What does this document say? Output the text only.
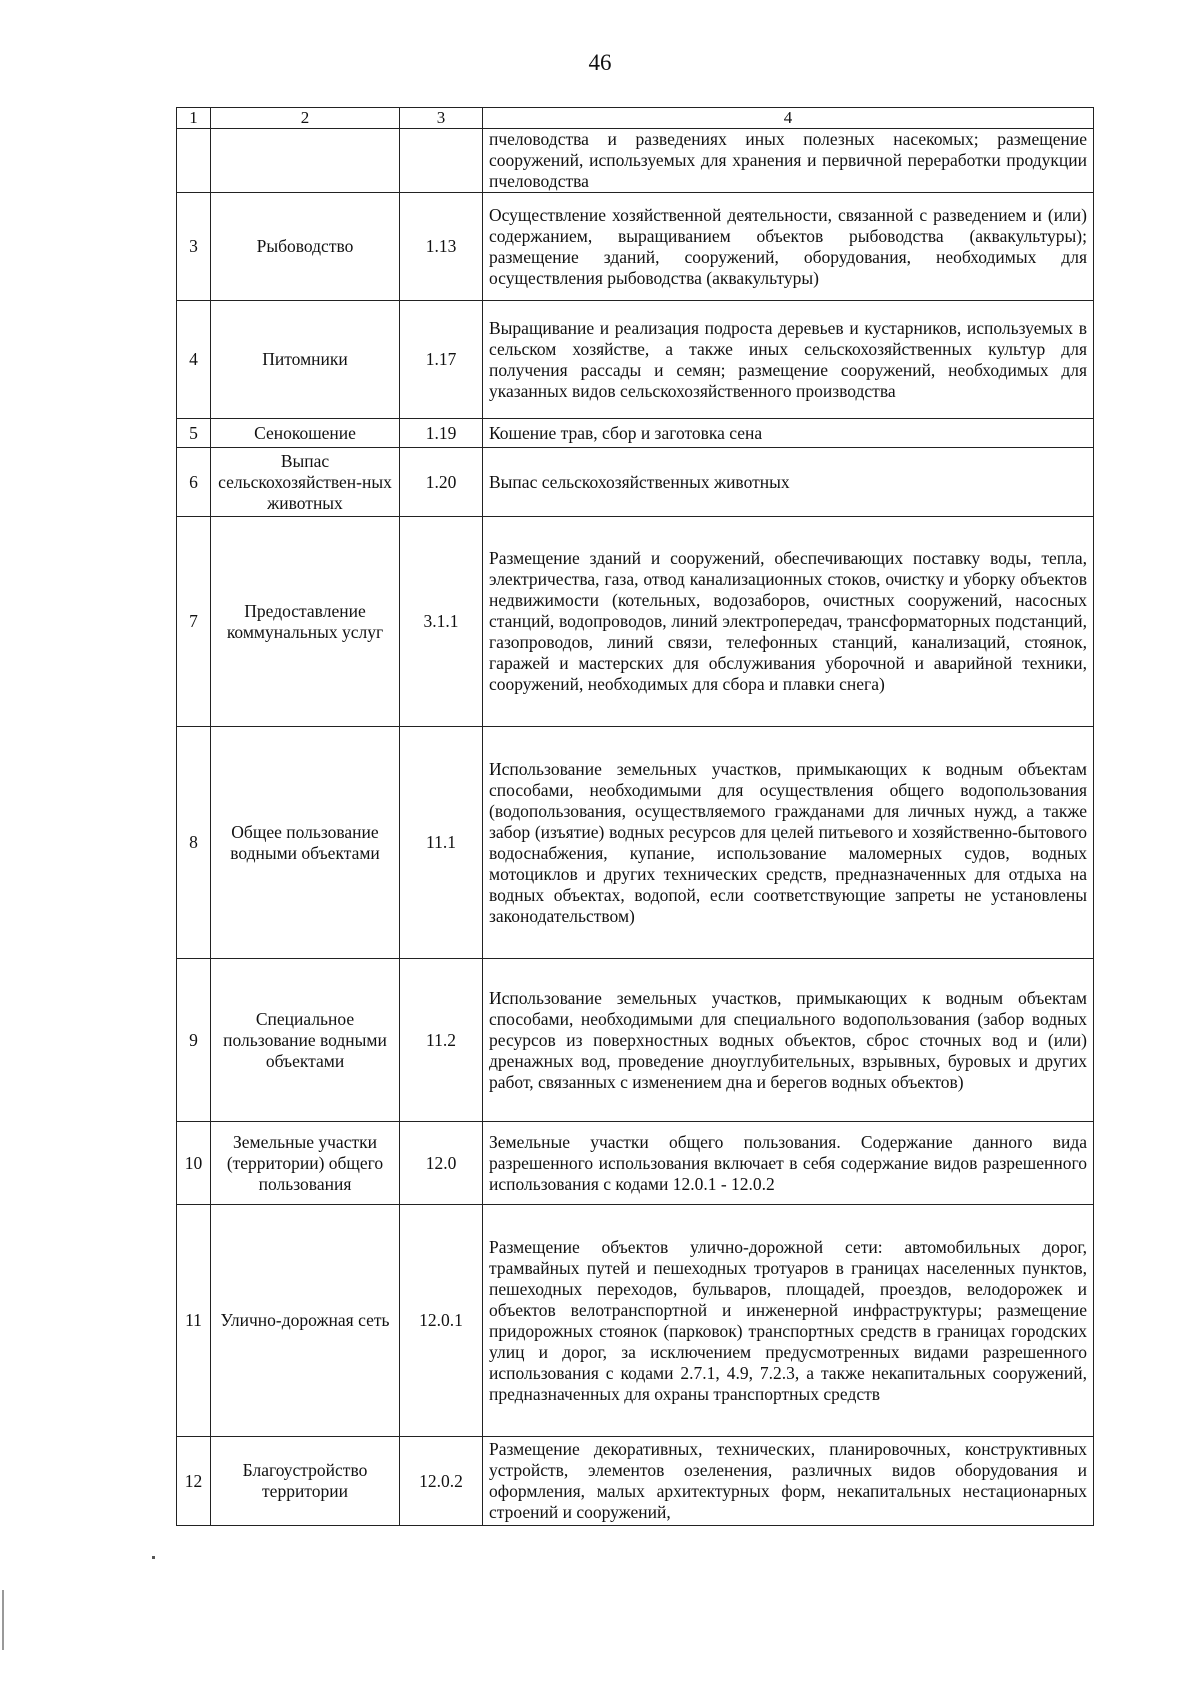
46
1	2	3	4
			пчеловодства и разведениях иных полезных насекомых; размещение сооружений, используемых для хранения и первичной переработки продукции пчеловодства
3	Рыбоводство	1.13	Осуществление хозяйственной деятельности, связанной с разведением и (или) содержанием, выращиванием объектов рыбоводства (аквакультуры); размещение зданий, сооружений, оборудования, необходимых для осуществления рыбоводства (аквакультуры)
4	Питомники	1.17	Выращивание и реализация подроста деревьев и кустарников, используемых в сельском хозяйстве, а также иных сельскохозяйственных культур для получения рассады и семян; размещение сооружений, необходимых для указанных видов сельскохозяйственного производства
5	Сенокошение	1.19	Кошение трав, сбор и заготовка сена
6	Выпас сельскохозяйствен-ных животных	1.20	Выпас сельскохозяйственных животных
7	Предоставление коммунальных услуг	3.1.1	Размещение зданий и сооружений, обеспечивающих поставку воды, тепла, электричества, газа, отвод канализационных стоков, очистку и уборку объектов недвижимости (котельных, водозаборов, очистных сооружений, насосных станций, водопроводов, линий электропередач, трансформаторных подстанций, газопроводов, линий связи, телефонных станций, канализаций, стоянок, гаражей и мастерских для обслуживания уборочной и аварийной техники, сооружений, необходимых для сбора и плавки снега)
8	Общее пользование водными объектами	11.1	Использование земельных участков, примыкающих к водным объектам способами, необходимыми для осуществления общего водопользования (водопользования, осуществляемого гражданами для личных нужд, а также забор (изъятие) водных ресурсов для целей питьевого и хозяйственно-бытового водоснабжения, купание, использование маломерных судов, водных мотоциклов и других технических средств, предназначенных для отдыха на водных объектах, водопой, если соответствующие запреты не установлены законодательством)
9	Специальное пользование водными объектами	11.2	Использование земельных участков, примыкающих к водным объектам способами, необходимыми для специального водопользования (забор водных ресурсов из поверхностных водных объектов, сброс сточных вод и (или) дренажных вод, проведение дноуглубительных, взрывных, буровых и других работ, связанных с изменением дна и берегов водных объектов)
10	Земельные участки (территории) общего пользования	12.0	Земельные участки общего пользования. Содержание данного вида разрешенного использования включает в себя содержание видов разрешенного использования с кодами 12.0.1 - 12.0.2
11	Улично-дорожная сеть	12.0.1	Размещение объектов улично-дорожной сети: автомобильных дорог, трамвайных путей и пешеходных тротуаров в границах населенных пунктов, пешеходных переходов, бульваров, площадей, проездов, велодорожек и объектов велотранспортной и инженерной инфраструктуры; размещение придорожных стоянок (парковок) транспортных средств в границах городских улиц и дорог, за исключением предусмотренных видами разрешенного использования с кодами 2.7.1, 4.9, 7.2.3, а также некапитальных сооружений, предназначенных для охраны транспортных средств
12	Благоустройство территории	12.0.2	Размещение декоративных, технических, планировочных, конструктивных устройств, элементов озеленения, различных видов оборудования и оформления, малых архитектурных форм, некапитальных нестационарных строений и сооружений,
